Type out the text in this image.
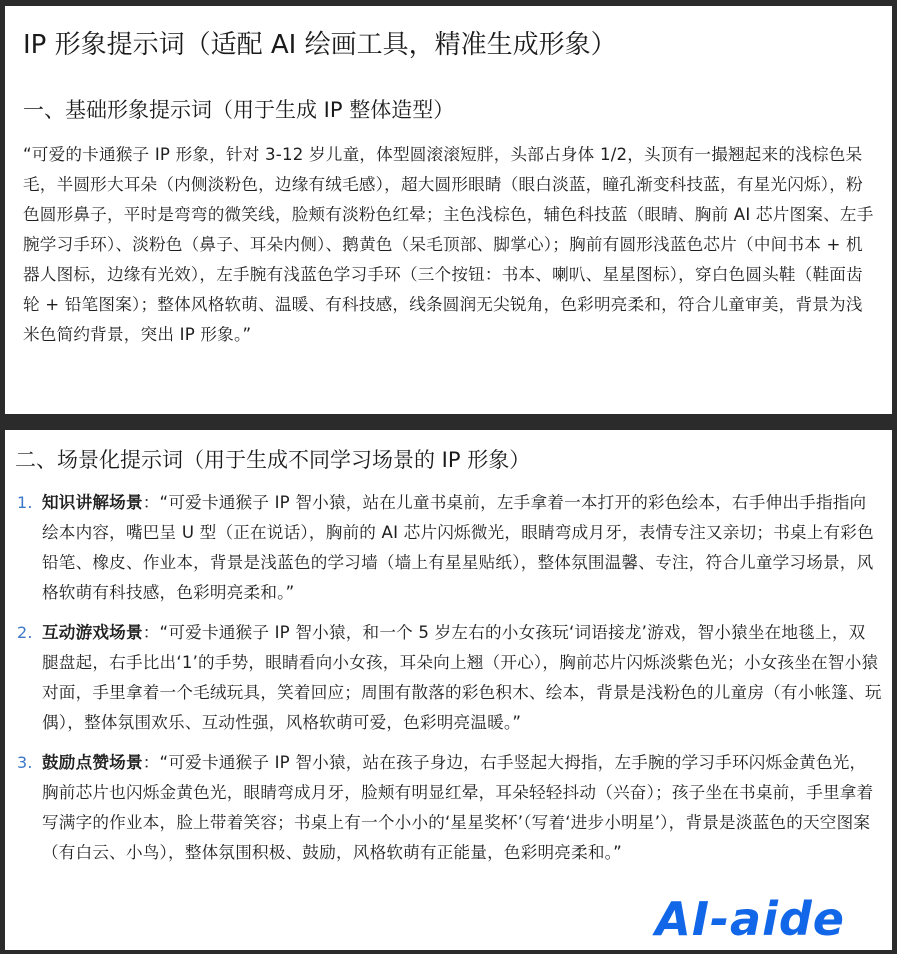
IP 形象提示词（适配 AI 绘画工具，精准生成形象）
一、基础形象提示词（用于生成 IP 整体造型）

“可爱的卡通猴子 IP 形象，针对 3-12 岁儿童，体型圆滚滚短胖，头部占身体 1/2，头顶有一撮翘起来的浅棕色呆毛，半圆形大耳朵（内侧淡粉色，边缘有绒毛感），超大圆形眼睛（眼白淡蓝，瞳孔渐变科技蓝，有星光闪烁），粉色圆形鼻子，平时是弯弯的微笑线，脸颊有淡粉色红晕；主色浅棕色，辅色科技蓝（眼睛、胸前 AI 芯片图案、左手腕学习手环）、淡粉色（鼻子、耳朵内侧）、鹅黄色（呆毛顶部、脚掌心）；胸前有圆形浅蓝色芯片（中间书本 + 机器人图标，边缘有光效），左手腕有浅蓝色学习手环（三个按钮：书本、喇叭、星星图标），穿白色圆头鞋（鞋面齿轮 + 铅笔图案）；整体风格软萌、温暖、有科技感，线条圆润无尖锐角，色彩明亮柔和，符合儿童审美，背景为浅米色简约背景，突出 IP 形象。”

二、场景化提示词（用于生成不同学习场景的 IP 形象）
1. 知识讲解场景：“可爱卡通猴子 IP 智小猿，站在儿童书桌前，左手拿着一本打开的彩色绘本，右手伸出手指指向绘本内容，嘴巴呈 U 型（正在说话），胸前的 AI 芯片闪烁微光，眼睛弯成月牙，表情专注又亲切；书桌上有彩色铅笔、橡皮、作业本，背景是浅蓝色的学习墙（墙上有星星贴纸），整体氛围温馨、专注，符合儿童学习场景，风格软萌有科技感，色彩明亮柔和。”
2. 互动游戏场景：“可爱卡通猴子 IP 智小猿，和一个 5 岁左右的小女孩玩‘词语接龙’游戏，智小猿坐在地毯上，双腿盘起，右手比出‘1’的手势，眼睛看向小女孩，耳朵向上翘（开心），胸前芯片闪烁淡紫色光；小女孩坐在智小猿对面，手里拿着一个毛绒玩具，笑着回应；周围有散落的彩色积木、绘本，背景是浅粉色的儿童房（有小帐篷、玩偶），整体氛围欢乐、互动性强，风格软萌可爱，色彩明亮温暖。”
3. 鼓励点赞场景：“可爱卡通猴子 IP 智小猿，站在孩子身边，右手竖起大拇指，左手腕的学习手环闪烁金黄色光，胸前芯片也闪烁金黄色光，眼睛弯成月牙，脸颊有明显红晕，耳朵轻轻抖动（兴奋）；孩子坐在书桌前，手里拿着写满字的作业本，脸上带着笑容；书桌上有一个小小的‘星星奖杯’（写着‘进步小明星’），背景是淡蓝色的天空图案（有白云、小鸟），整体氛围积极、鼓励，风格软萌有正能量，色彩明亮柔和。”
AI-aide
